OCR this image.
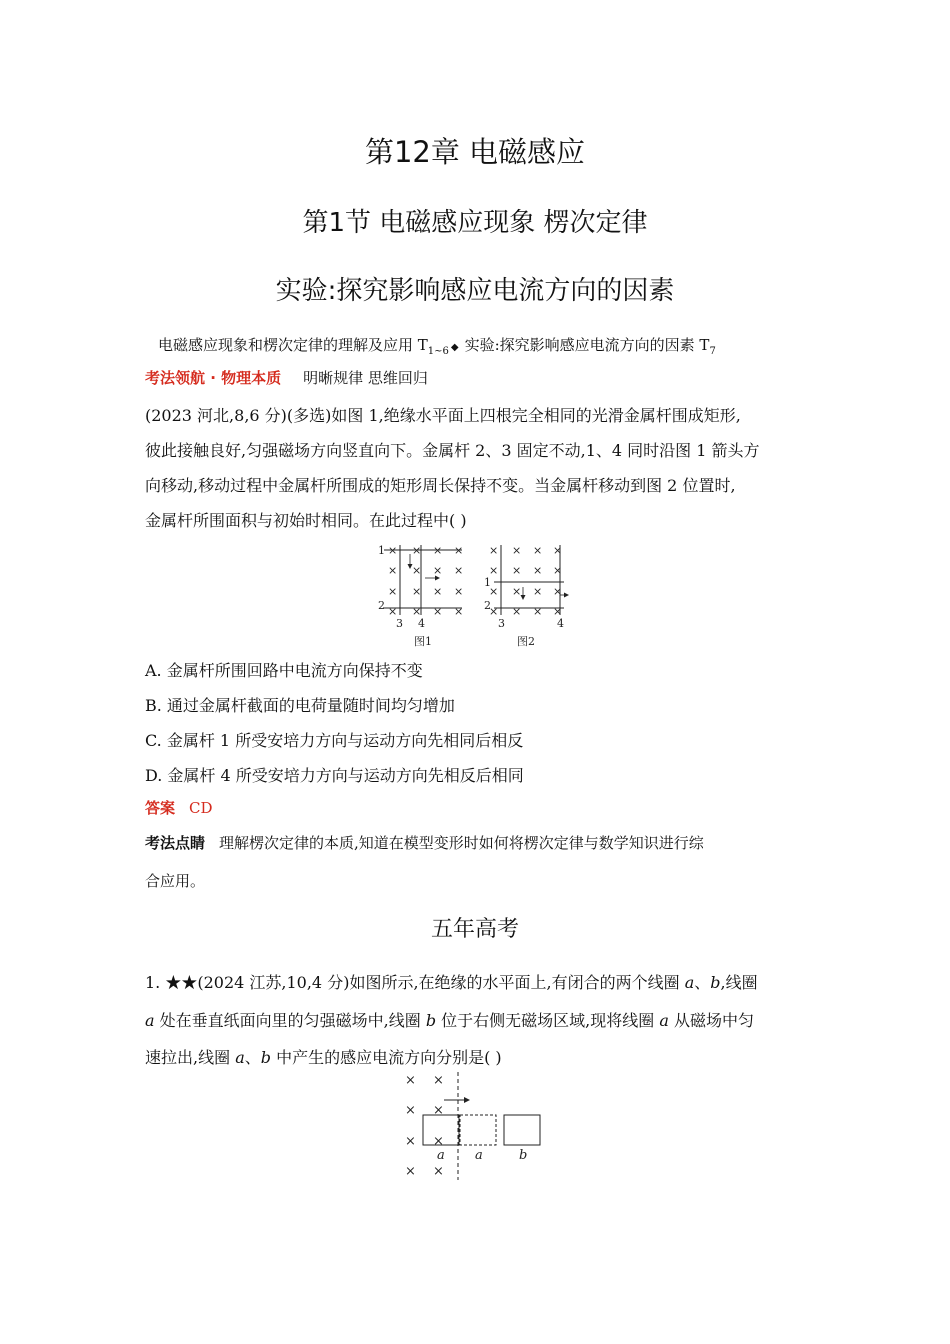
第12章 电磁感应
第1节 电磁感应现象 楞次定律
实验:探究影响感应电流方向的因素
电磁感应现象和楞次定律的理解及应用 $T_{1\sim 6}$ ◆ 实验:探究影响感应电流方向的因素 $T_7$
考法领航 · 物理本质 明晰规律 思维回归
(2023 河北,8,6 分)(多选)如图 1,绝缘水平面上四根完全相同的光滑金属杆围成矩形,
彼此接触良好,匀强磁场方向竖直向下。金属杆 2、3 固定不动,1、4 同时沿图 1 箭头方
向移动,移动过程中金属杆所围成的矩形周长保持不变。当金属杆移动到图 2 位置时,
金属杆所围面积与初始时相同。在此过程中( )
× × × ×
× × × ×
× × × ×
× × × ×
1
2
3 4
图1
× × × ×
× × × ×
× × × ×
× × × ×
1
2
3	4
图2
A. 金属杆所围回路中电流方向保持不变
B. 通过金属杆截面的电荷量随时间均匀增加
C. 金属杆 1 所受安培力方向与运动方向先相同后相反
D. 金属杆 4 所受安培力方向与运动方向先相反后相同
答案 CD
考法点睛 理解楞次定律的本质,知道在模型变形时如何将楞次定律与数学知识进行综
合应用。
五年高考
1. ★★(2024 江苏,10,4 分)如图所示,在绝缘的水平面上,有闭合的两个线圈 a、b,线圈
a 处在垂直纸面向里的匀强磁场中,线圈 b 位于右侧无磁场区域,现将线圈 a 从磁场中匀
速拉出,线圈 a、b 中产生的感应电流方向分别是( )
× ×
× ×
× ×
× ×
a a	b
